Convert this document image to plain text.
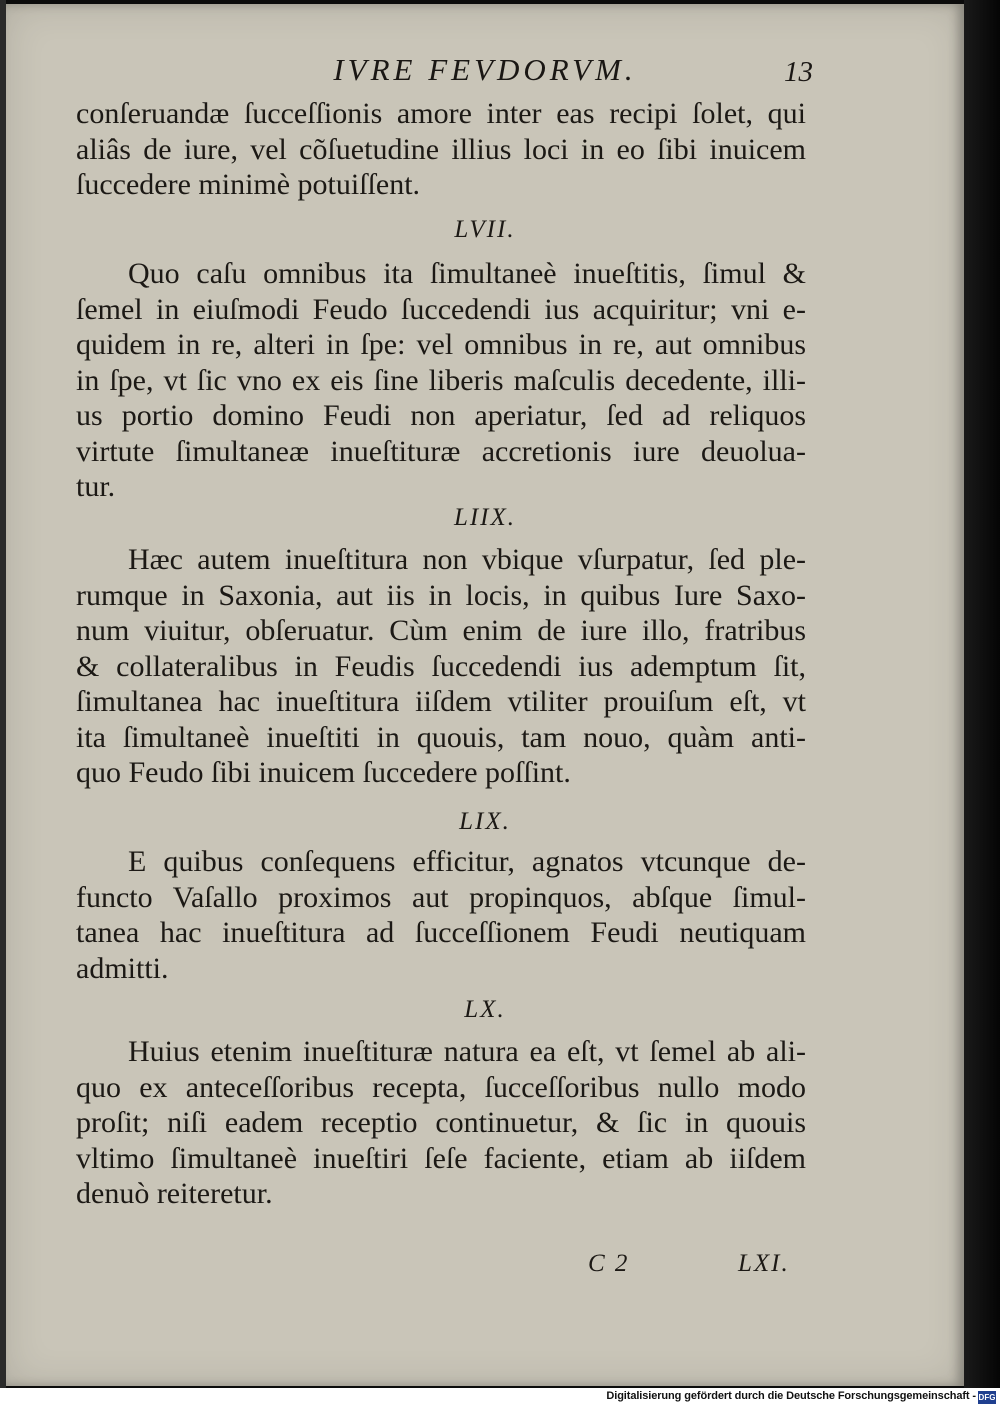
IVRE FEVDORVM.	13
conſeruandæ ſucceſſionis amore inter eas recipi ſolet, qui
aliâs de iure, vel cõſuetudine illius loci in eo ſibi inuicem
ſuccedere minimè potuiſſent.
LVII.
Quo caſu omnibus ita ſimultaneè inueſtitis, ſimul &
ſemel in eiuſmodi Feudo ſuccedendi ius acquiritur; vni e-
quidem in re, alteri in ſpe: vel omnibus in re, aut omnibus
in ſpe, vt ſic vno ex eis ſine liberis maſculis decedente, illi-
us portio domino Feudi non aperiatur, ſed ad reliquos
virtute ſimultaneæ inueſtituræ accretionis iure deuolua-
tur.
LIIX.
Hæc autem inueſtitura non vbique vſurpatur, ſed ple-
rumque in Saxonia, aut iis in locis, in quibus Iure Saxo-
num viuitur, obſeruatur. Cùm enim de iure illo, fratribus
& collateralibus in Feudis ſuccedendi ius ademptum ſit,
ſimultanea hac inueſtitura iiſdem vtiliter prouiſum eſt, vt
ita ſimultaneè inueſtiti in quouis, tam nouo, quàm anti-
quo Feudo ſibi inuicem ſuccedere poſſint.
LIX.
E quibus conſequens efficitur, agnatos vtcunque de-
functo Vaſallo proximos aut propinquos, abſque ſimul-
tanea hac inueſtitura ad ſucceſſionem Feudi neutiquam
admitti.
LX.
Huius etenim inueſtituræ natura ea eſt, vt ſemel ab ali-
quo ex anteceſſoribus recepta, ſucceſſoribus nullo modo
proſit; niſi eadem receptio continuetur, & ſic in quouis
vltimo ſimultaneè inueſtiri ſeſe faciente, etiam ab iiſdem
denuò reiteretur.
C 2	LXI.
Digitalisierung gefördert durch die Deutsche Forschungsgemeinschaft - DFG
